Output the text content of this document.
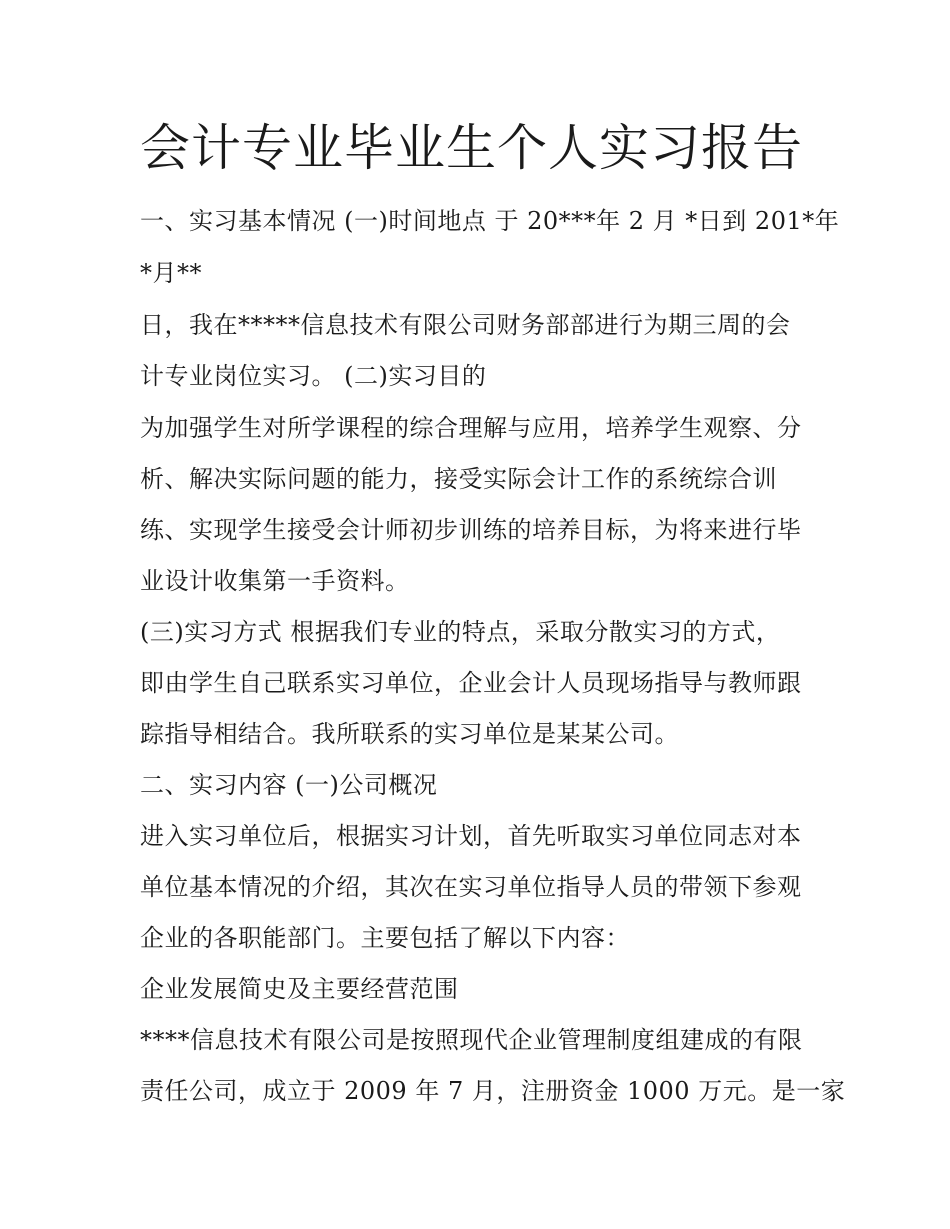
会计专业毕业生个人实习报告
一、实习基本情况 (一)时间地点 于 20***年 2 月 *日到 201*年
*月**
日，我在*****信息技术有限公司财务部部进行为期三周的会
计专业岗位实习。 (二)实习目的
为加强学生对所学课程的综合理解与应用，培养学生观察、分
析、解决实际问题的能力，接受实际会计工作的系统综合训
练、实现学生接受会计师初步训练的培养目标，为将来进行毕
业设计收集第一手资料。
(三)实习方式 根据我们专业的特点，采取分散实习的方式，
即由学生自己联系实习单位，企业会计人员现场指导与教师跟
踪指导相结合。我所联系的实习单位是某某公司。
二、实习内容 (一)公司概况
进入实习单位后，根据实习计划，首先听取实习单位同志对本
单位基本情况的介绍，其次在实习单位指导人员的带领下参观
企业的各职能部门。主要包括了解以下内容：
企业发展简史及主要经营范围
****信息技术有限公司是按照现代企业管理制度组建成的有限
责任公司，成立于 2009 年 7 月，注册资金 1000 万元。是一家
